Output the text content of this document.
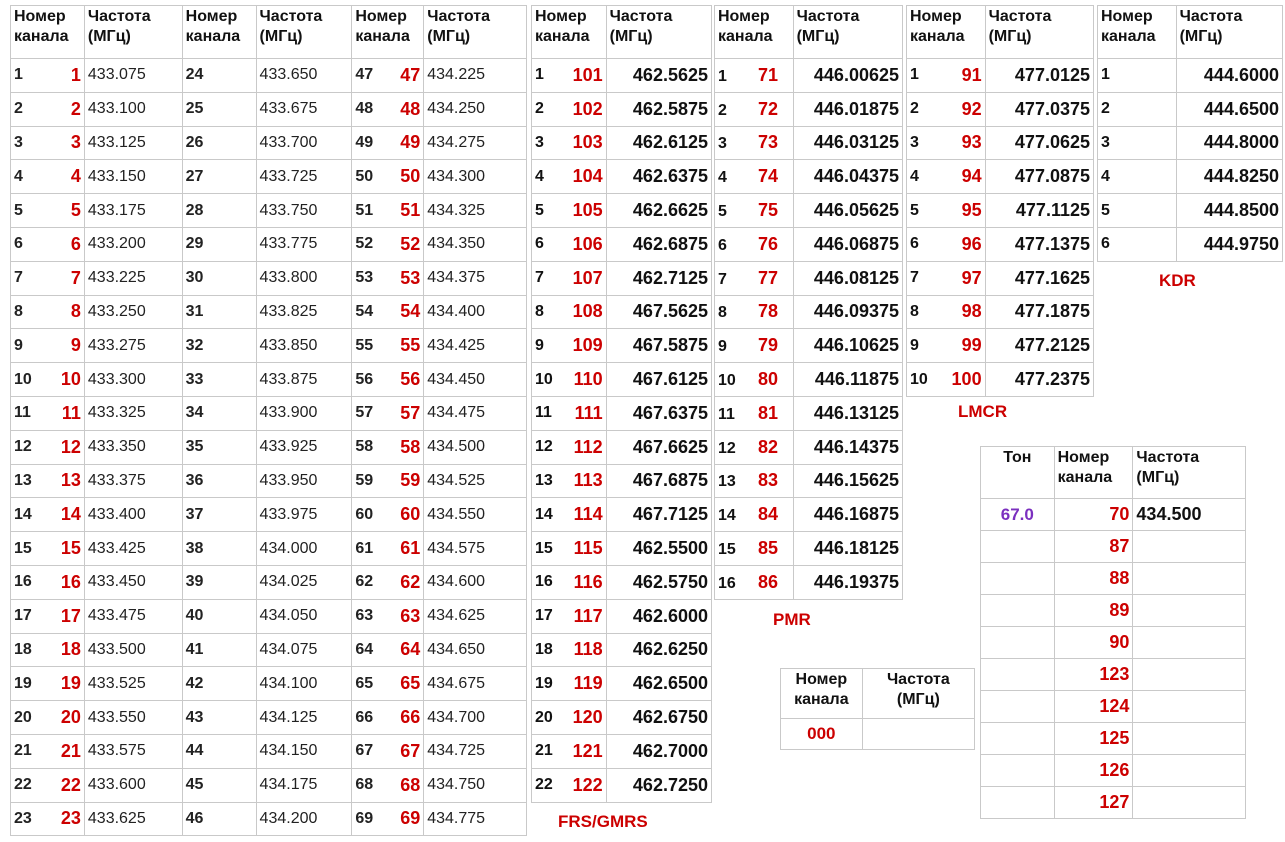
Номер
канала	Частота
(МГц)	Номер
канала	Частота
(МГц)	Номер
канала	Частота
(МГц)

1 1	433.075	24	433.650	47 47	434.225

2 2	433.100	25	433.675	48 48	434.250

3 3	433.125	26	433.700	49 49	434.275

4 4	433.150	27	433.725	50 50	434.300

5 5	433.175	28	433.750	51 51	434.325

6 6	433.200	29	433.775	52 52	434.350

7 7	433.225	30	433.800	53 53	434.375

8 8	433.250	31	433.825	54 54	434.400

9 9	433.275	32	433.850	55 55	434.425

10 10	433.300	33	433.875	56 56	434.450

11 11	433.325	34	433.900	57 57	434.475

12 12	433.350	35	433.925	58 58	434.500

13 13	433.375	36	433.950	59 59	434.525

14 14	433.400	37	433.975	60 60	434.550

15 15	433.425	38	434.000	61 61	434.575

16 16	433.450	39	434.025	62 62	434.600

17 17	433.475	40	434.050	63 63	434.625

18 18	433.500	41	434.075	64 64	434.650

19 19	433.525	42	434.100	65 65	434.675

20 20	433.550	43	434.125	66 66	434.700

21 21	433.575	44	434.150	67 67	434.725

22 22	433.600	45	434.175	68 68	434.750

23 23	433.625	46	434.200	69 69	434.775
Номер
канала	Частота
(МГц)

1 101	462.5625

2 102	462.5875

3 103	462.6125

4 104	462.6375

5 105	462.6625

6 106	462.6875

7 107	462.7125

8 108	467.5625

9 109	467.5875

10 110	467.6125

11 111	467.6375

12 112	467.6625

13 113	467.6875

14 114	467.7125

15 115	462.5500

16 116	462.5750

17 117	462.6000

18 118	462.6250

19 119	462.6500

20 120	462.6750

21 121	462.7000

22 122	462.7250
FRS/GMRS
Номер
канала	Частота
(МГц)
1 71	446.00625
2 72	446.01875
3 73	446.03125
4 74	446.04375
5 75	446.05625
6 76	446.06875
7 77	446.08125
8 78	446.09375
9 79	446.10625
10 80	446.11875
11 81	446.13125
12 82	446.14375
13 83	446.15625
14 84	446.16875
15 85	446.18125
16 86	446.19375
PMR
Номер
канала	Частота
(МГц)

1 91	477.0125

2 92	477.0375

3 93	477.0625

4 94	477.0875

5 95	477.1125

6 96	477.1375

7 97	477.1625

8 98	477.1875

9 99	477.2125

10 100	477.2375
LMCR
Номер
канала	Частота
(МГц)
1	444.6000
2	444.6500
3	444.8000
4	444.8250
5	444.8500
6	444.9750
KDR
Тон	Номер
канала	Частота
(МГц)
67.0	70	434.500
	87	
	88	
	89	
	90	
	123	
	124	
	125	
	126	
	127	
Номер
канала	Частота
(МГц)
000	
